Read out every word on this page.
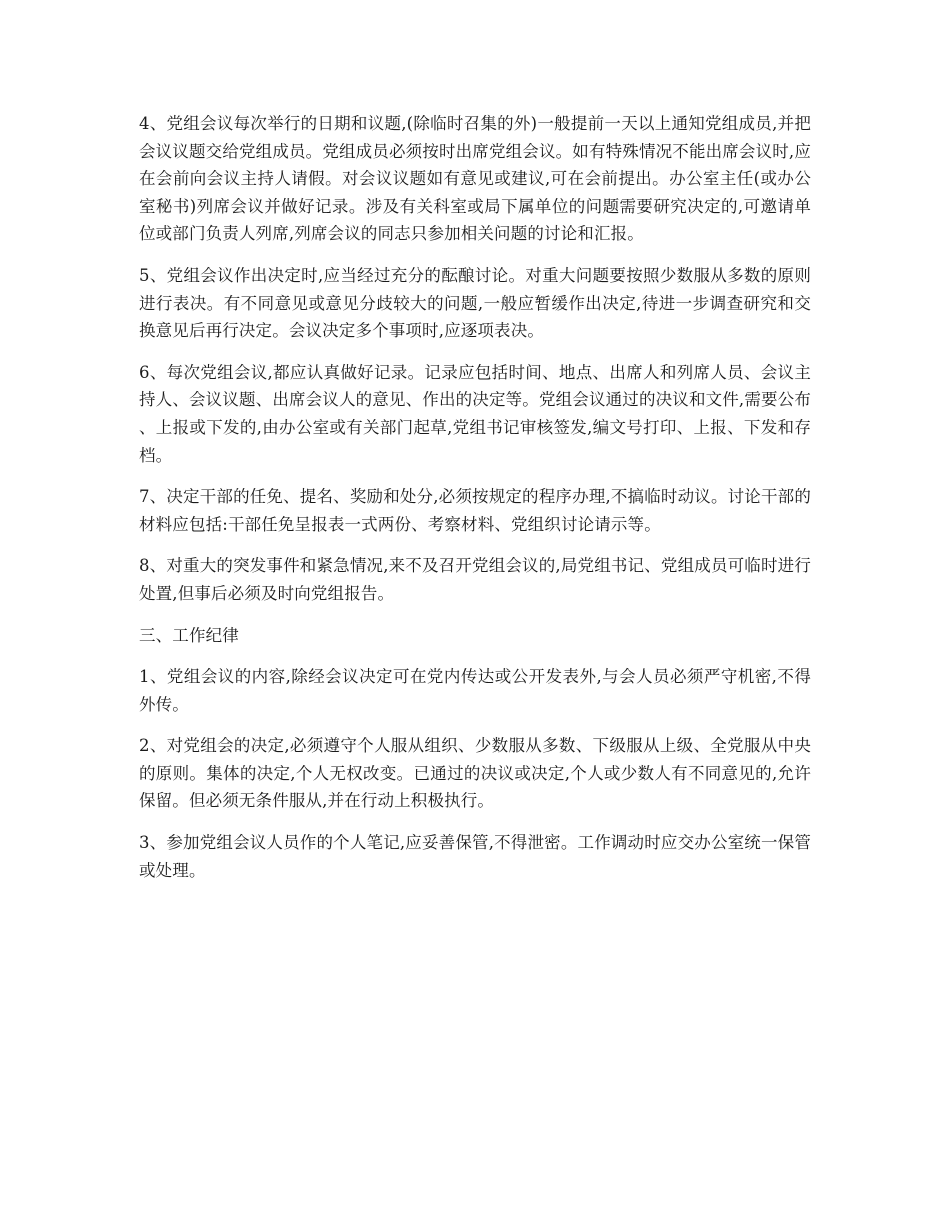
4、党组会议每次举行的日期和议题,(除临时召集的外)一般提前一天以上通知党组成员,并把会议议题交给党组成员。党组成员必须按时出席党组会议。如有特殊情况不能出席会议时,应在会前向会议主持人请假。对会议议题如有意见或建议,可在会前提出。办公室主任(或办公室秘书)列席会议并做好记录。涉及有关科室或局下属单位的问题需要研究决定的,可邀请单位或部门负责人列席,列席会议的同志只参加相关问题的讨论和汇报。

5、党组会议作出决定时,应当经过充分的酝酿讨论。对重大问题要按照少数服从多数的原则进行表决。有不同意见或意见分歧较大的问题,一般应暂缓作出决定,待进一步调查研究和交换意见后再行决定。会议决定多个事项时,应逐项表决。

6、每次党组会议,都应认真做好记录。记录应包括时间、地点、出席人和列席人员、会议主持人、会议议题、出席会议人的意见、作出的决定等。党组会议通过的决议和文件,需要公布、上报或下发的,由办公室或有关部门起草,党组书记审核签发,编文号打印、上报、下发和存档。

7、决定干部的任免、提名、奖励和处分,必须按规定的程序办理,不搞临时动议。讨论干部的材料应包括:干部任免呈报表一式两份、考察材料、党组织讨论请示等。

8、对重大的突发事件和紧急情况,来不及召开党组会议的,局党组书记、党组成员可临时进行处置,但事后必须及时向党组报告。

三、工作纪律

1、党组会议的内容,除经会议决定可在党内传达或公开发表外,与会人员必须严守机密,不得外传。

2、对党组会的决定,必须遵守个人服从组织、少数服从多数、下级服从上级、全党服从中央的原则。集体的决定,个人无权改变。已通过的决议或决定,个人或少数人有不同意见的,允许保留。但必须无条件服从,并在行动上积极执行。

3、参加党组会议人员作的个人笔记,应妥善保管,不得泄密。工作调动时应交办公室统一保管或处理。
